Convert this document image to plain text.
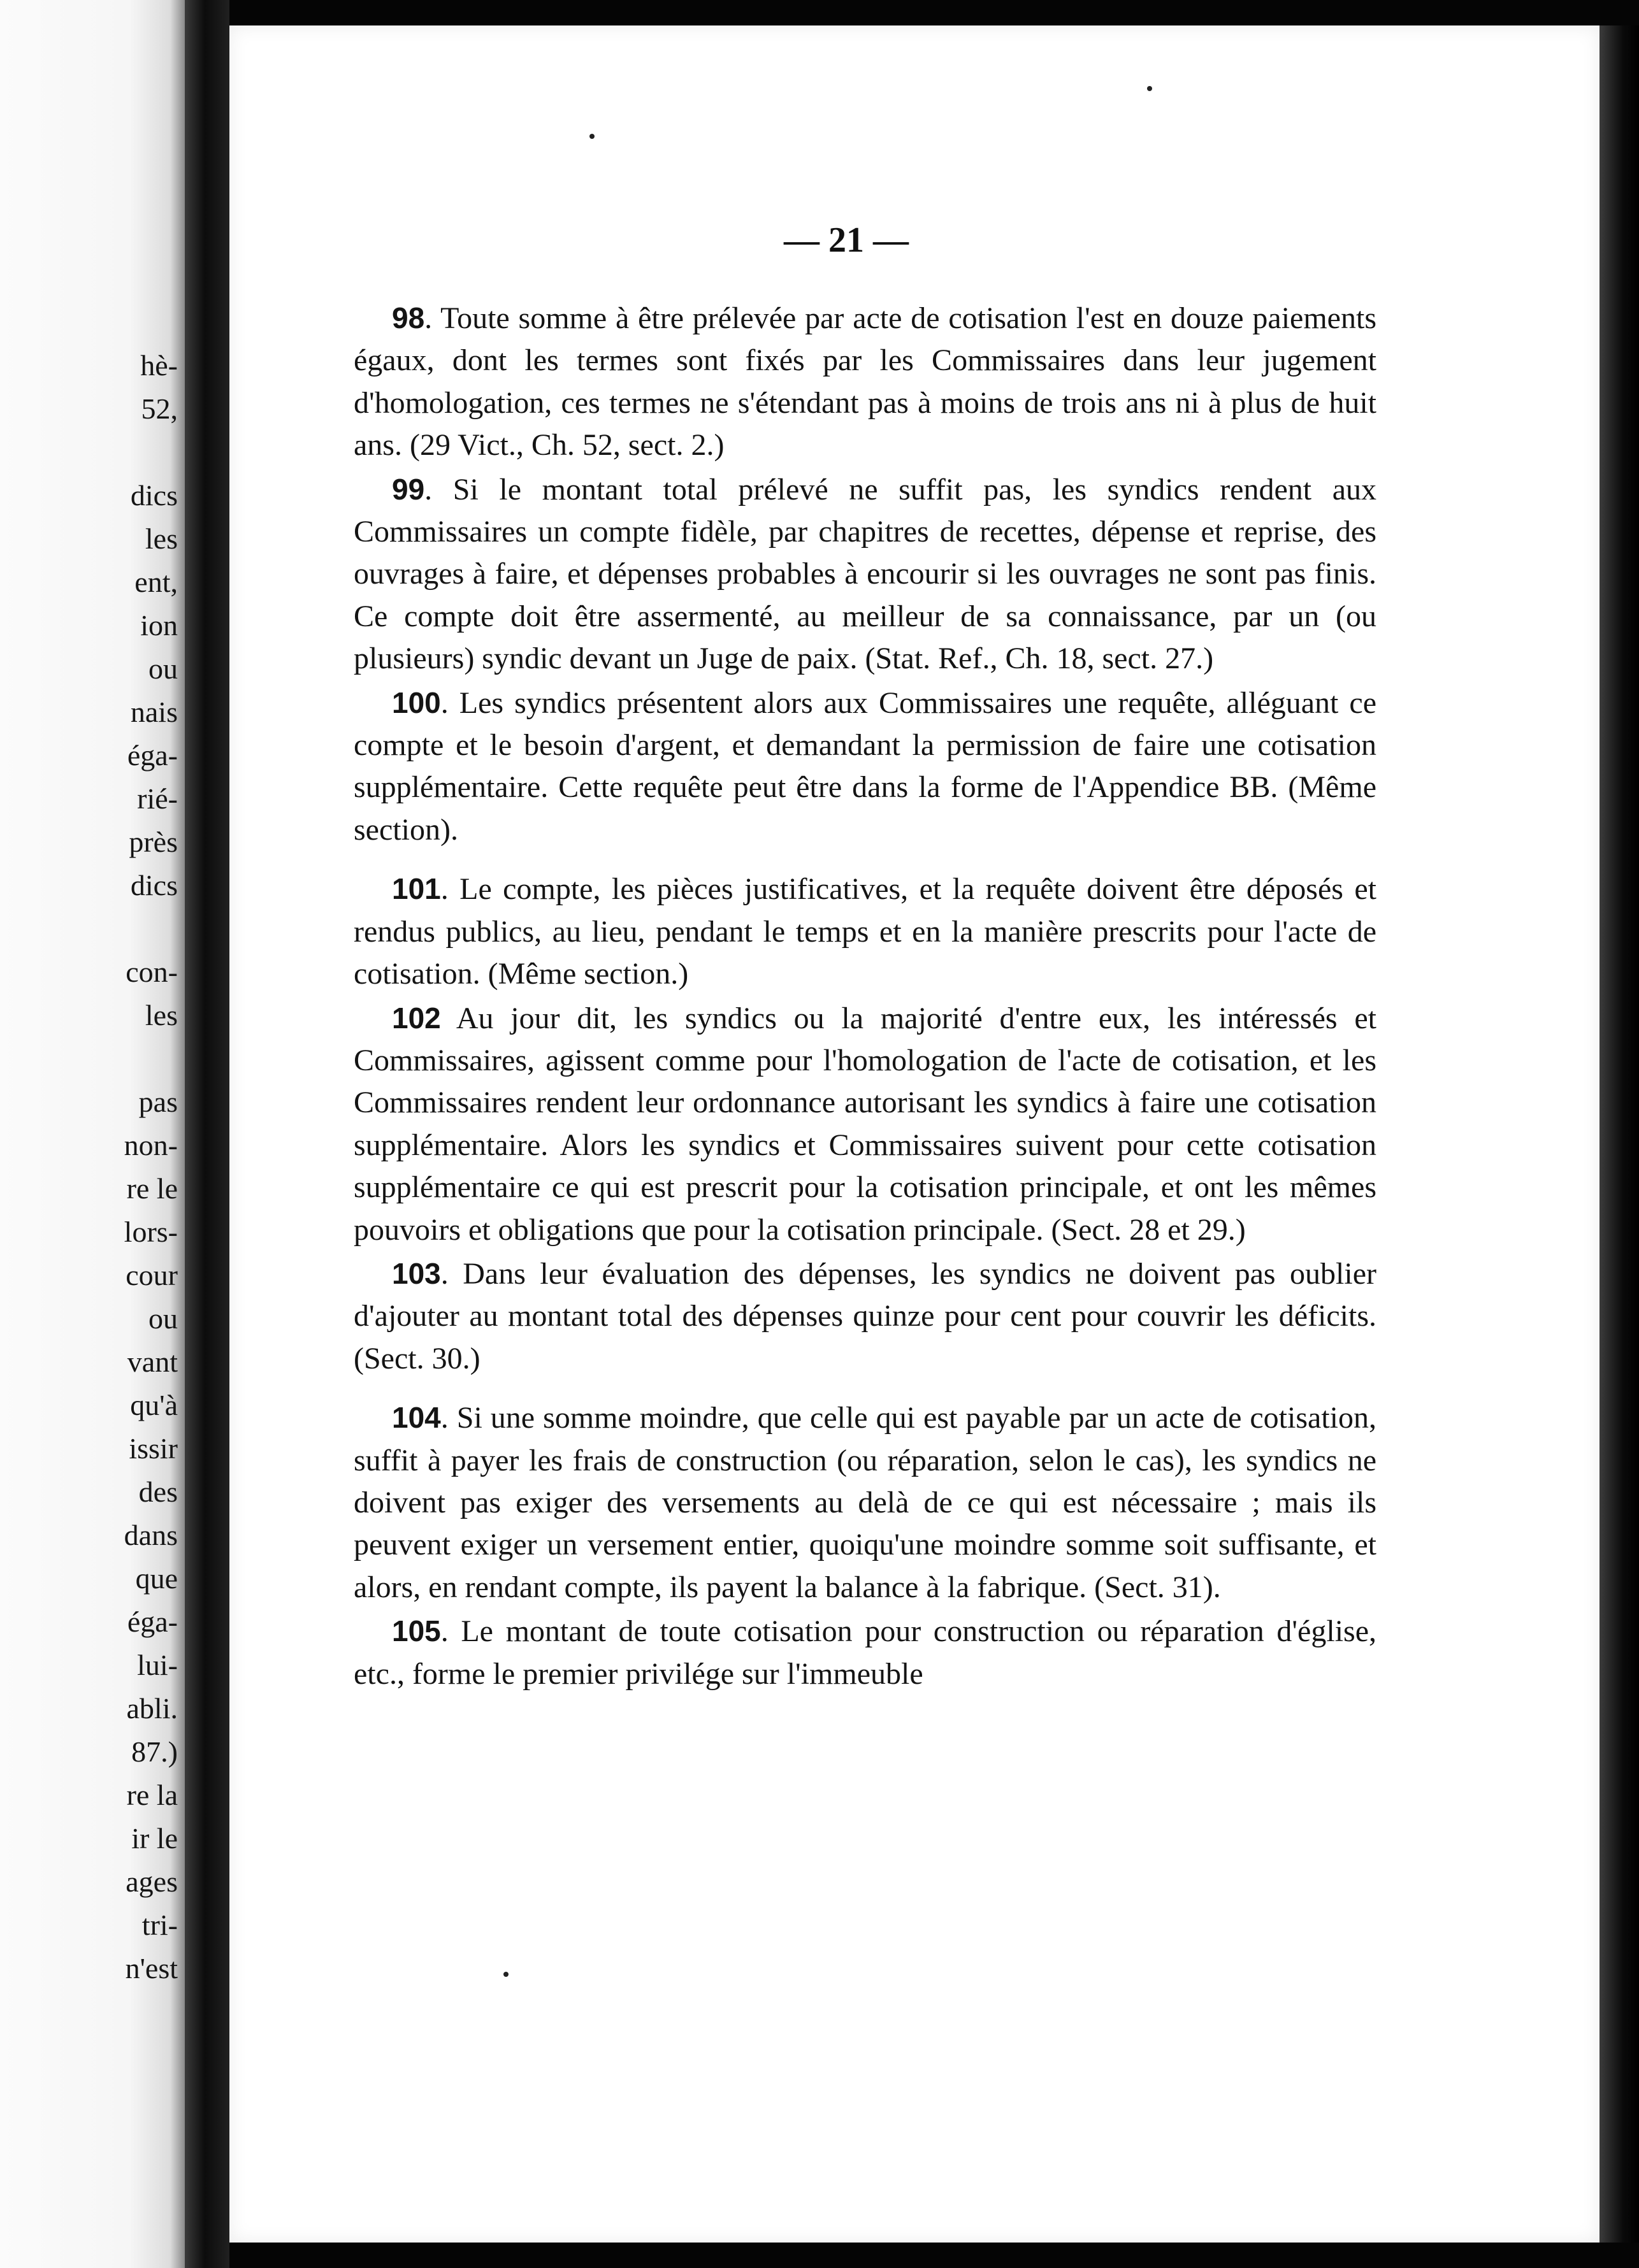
hè-
52,
dics
les
ent,
ion
ou
nais
éga-
rié-
près
dics
con-
les
pas
non-
re le
lors-
cour
ou
vant
qu'à
issir
des
dans
que
éga-
lui-
abli.
87.)
re la
ir le
ages
tri-
n'est
— 21 —

98. Toute somme à être prélevée par acte de cotisation l'est en douze paiements égaux, dont les termes sont fixés par les Commissaires dans leur jugement d'homologation, ces termes ne s'étendant pas à moins de trois ans ni à plus de huit ans. (29 Vict., Ch. 52, sect. 2.)

99. Si le montant total prélevé ne suffit pas, les syndics rendent aux Commissaires un compte fidèle, par chapitres de recettes, dépense et reprise, des ouvrages à faire, et dépenses probables à encourir si les ouvrages ne sont pas finis. Ce compte doit être assermenté, au meilleur de sa connaissance, par un (ou plusieurs) syndic devant un Juge de paix. (Stat. Ref., Ch. 18, sect. 27.)

100. Les syndics présentent alors aux Commissaires une requête, alléguant ce compte et le besoin d'argent, et demandant la permission de faire une cotisation supplémentaire. Cette requête peut être dans la forme de l'Appendice BB. (Même section).

101. Le compte, les pièces justificatives, et la requête doivent être déposés et rendus publics, au lieu, pendant le temps et en la manière prescrits pour l'acte de cotisation. (Même section.)

102 Au jour dit, les syndics ou la majorité d'entre eux, les intéressés et Commissaires, agissent comme pour l'homologation de l'acte de cotisation, et les Commissaires rendent leur ordonnance autorisant les syndics à faire une cotisation supplémentaire. Alors les syndics et Commissaires suivent pour cette cotisation supplémentaire ce qui est prescrit pour la cotisation principale, et ont les mêmes pouvoirs et obligations que pour la cotisation principale. (Sect. 28 et 29.)

103. Dans leur évaluation des dépenses, les syndics ne doivent pas oublier d'ajouter au montant total des dépenses quinze pour cent pour couvrir les déficits. (Sect. 30.)

104. Si une somme moindre, que celle qui est payable par un acte de cotisation, suffit à payer les frais de construction (ou réparation, selon le cas), les syndics ne doivent pas exiger des versements au delà de ce qui est nécessaire ; mais ils peuvent exiger un versement entier, quoiqu'une moindre somme soit suffisante, et alors, en rendant compte, ils payent la balance à la fabrique. (Sect. 31).

105. Le montant de toute cotisation pour construction ou réparation d'église, etc., forme le premier privilége sur l'immeuble
